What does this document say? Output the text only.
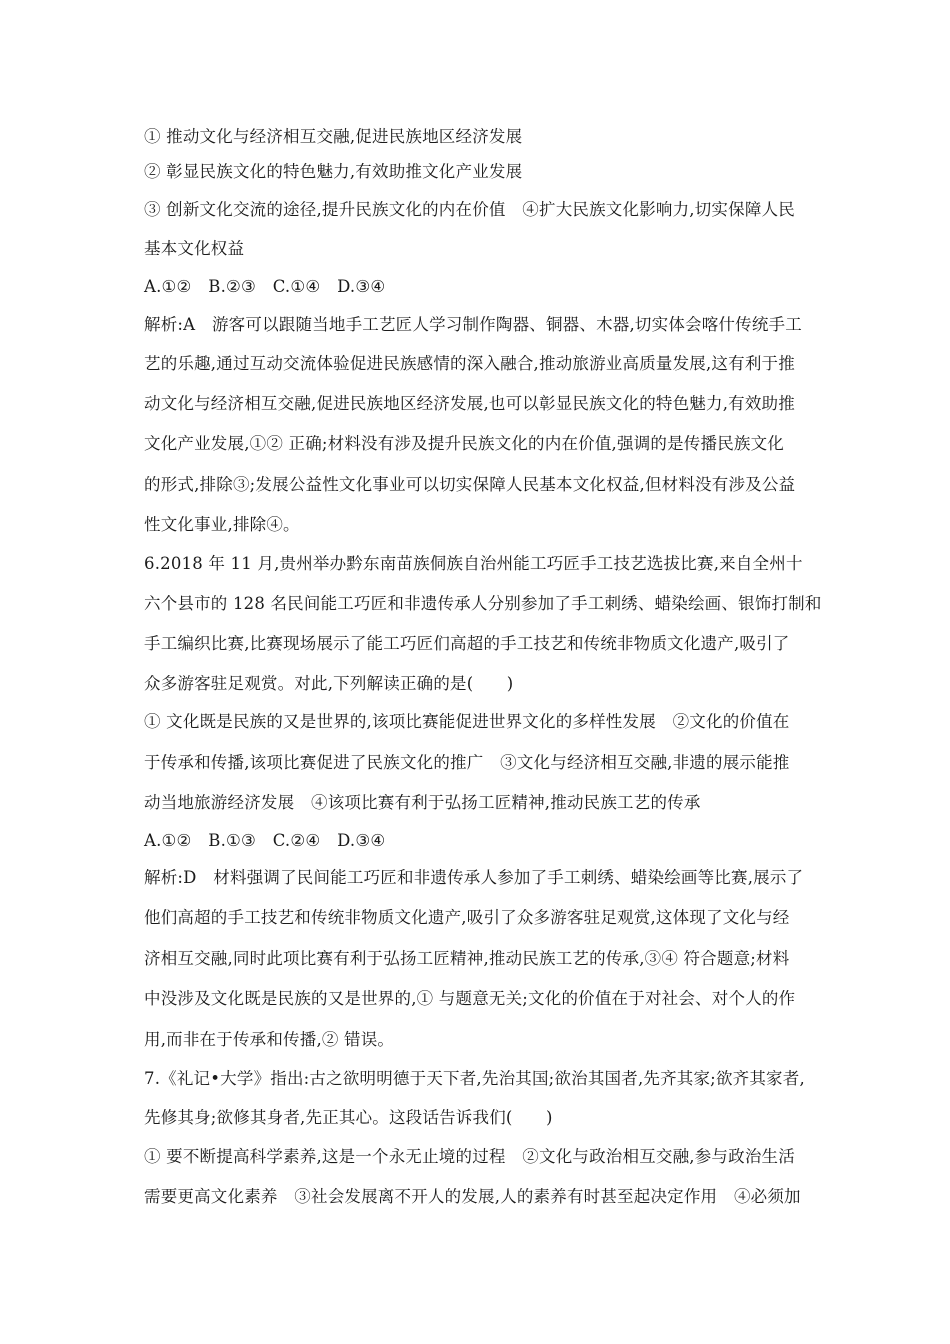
① 推动文化与经济相互交融,促进民族地区经济发展
② 彰显民族文化的特色魅力,有效助推文化产业发展
③ 创新文化交流的途径,提升民族文化的内在价值　④扩大民族文化影响力,切实保障人民
基本文化权益
A.①②　B.②③　C.①④　D.③④
解析:A　游客可以跟随当地手工艺匠人学习制作陶器、铜器、木器,切实体会喀什传统手工
艺的乐趣,通过互动交流体验促进民族感情的深入融合,推动旅游业高质量发展,这有利于推
动文化与经济相互交融,促进民族地区经济发展,也可以彰显民族文化的特色魅力,有效助推
文化产业发展,①② 正确;材料没有涉及提升民族文化的内在价值,强调的是传播民族文化
的形式,排除③;发展公益性文化事业可以切实保障人民基本文化权益,但材料没有涉及公益
性文化事业,排除④。
6.2018 年 11 月,贵州举办黔东南苗族侗族自治州能工巧匠手工技艺选拔比赛,来自全州十
六个县市的 128 名民间能工巧匠和非遗传承人分别参加了手工刺绣、蜡染绘画、银饰打制和
手工编织比赛,比赛现场展示了能工巧匠们高超的手工技艺和传统非物质文化遗产,吸引了
众多游客驻足观赏。对此,下列解读正确的是(　　)
① 文化既是民族的又是世界的,该项比赛能促进世界文化的多样性发展　②文化的价值在
于传承和传播,该项比赛促进了民族文化的推广　③文化与经济相互交融,非遗的展示能推
动当地旅游经济发展　④该项比赛有利于弘扬工匠精神,推动民族工艺的传承
A.①②　B.①③　C.②④　D.③④
解析:D　材料强调了民间能工巧匠和非遗传承人参加了手工刺绣、蜡染绘画等比赛,展示了
他们高超的手工技艺和传统非物质文化遗产,吸引了众多游客驻足观赏,这体现了文化与经
济相互交融,同时此项比赛有利于弘扬工匠精神,推动民族工艺的传承,③④ 符合题意;材料
中没涉及文化既是民族的又是世界的,① 与题意无关;文化的价值在于对社会、对个人的作
用,而非在于传承和传播,② 错误。
7.《礼记•大学》指出:古之欲明明德于天下者,先治其国;欲治其国者,先齐其家;欲齐其家者,
先修其身;欲修其身者,先正其心。这段话告诉我们(　　)
① 要不断提高科学素养,这是一个永无止境的过程　②文化与政治相互交融,参与政治生活
需要更高文化素养　③社会发展离不开人的发展,人的素养有时甚至起决定作用　④必须加
